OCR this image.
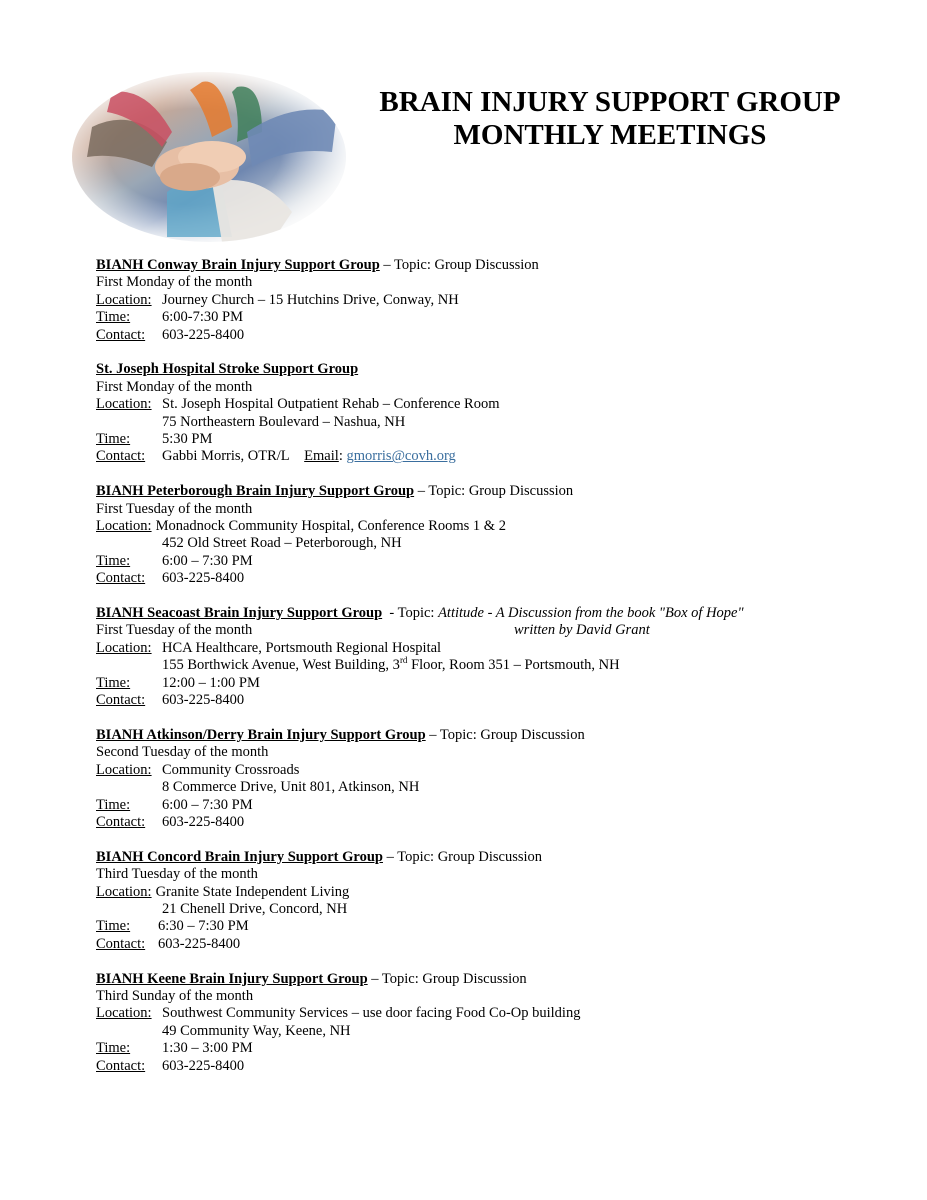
BRAIN INJURY SUPPORT GROUP
MONTHLY MEETINGS
BIANH Conway Brain Injury Support Group – Topic: Group Discussion
First Monday of the month
Location: Journey Church – 15 Hutchins Drive, Conway, NH
Time: 6:00-7:30 PM
Contact: 603-225-8400
St. Joseph Hospital Stroke Support Group
First Monday of the month
Location: St. Joseph Hospital Outpatient Rehab – Conference Room
75 Northeastern Boulevard – Nashua, NH
Time: 5:30 PM
Contact: Gabbi Morris, OTR/L Email: gmorris@covh.org
BIANH Peterborough Brain Injury Support Group – Topic: Group Discussion
First Tuesday of the month
Location: Monadnock Community Hospital, Conference Rooms 1 & 2
452 Old Street Road – Peterborough, NH
Time: 6:00 – 7:30 PM
Contact: 603-225-8400
BIANH Seacoast Brain Injury Support Group  - Topic: Attitude - A Discussion from the book "Box of Hope"
First Tuesday of the month	written by David Grant
Location: HCA Healthcare, Portsmouth Regional Hospital
155 Borthwick Avenue, West Building, 3rd Floor, Room 351 – Portsmouth, NH
Time: 12:00 – 1:00 PM
Contact: 603-225-8400
BIANH Atkinson/Derry Brain Injury Support Group – Topic: Group Discussion
Second Tuesday of the month
Location: Community Crossroads
8 Commerce Drive, Unit 801, Atkinson, NH
Time: 6:00 – 7:30 PM
Contact: 603-225-8400
BIANH Concord Brain Injury Support Group – Topic: Group Discussion
Third Tuesday of the month
Location: Granite State Independent Living
21 Chenell Drive, Concord, NH
Time: 6:30 – 7:30 PM
Contact: 603-225-8400
BIANH Keene Brain Injury Support Group – Topic: Group Discussion
Third Sunday of the month
Location: Southwest Community Services – use door facing Food Co-Op building
49 Community Way, Keene, NH
Time: 1:30 – 3:00 PM
Contact: 603-225-8400
